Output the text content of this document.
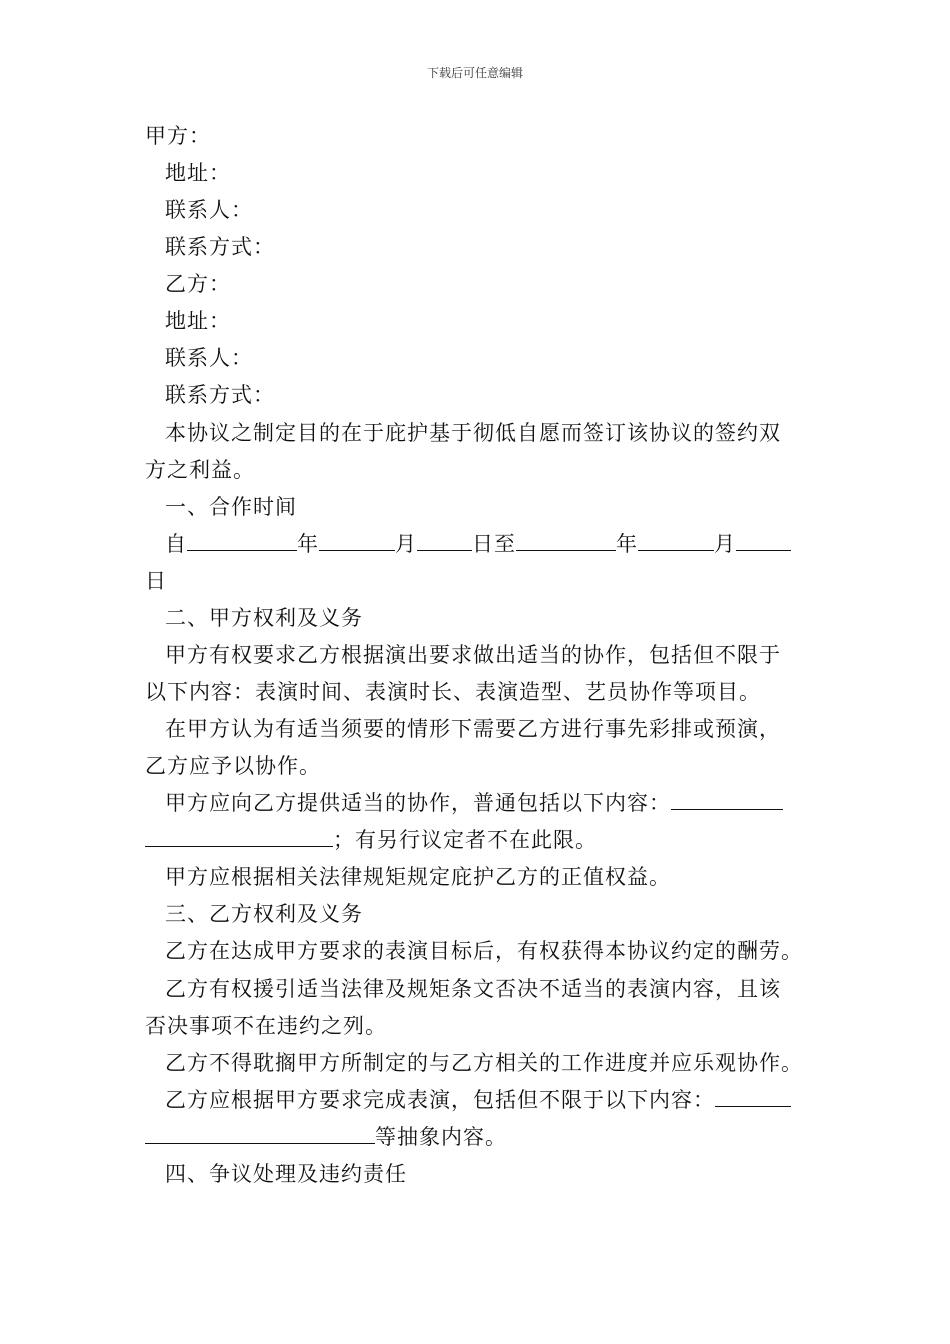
下载后可任意编辑
甲方：
地址：
联系人：
联系方式：
乙方：
地址：
联系人：
联系方式：
本协议之制定目的在于庇护基于彻低自愿而签订该协议的签约双
方之利益。
一、合作时间
自	年	月	日至	年	月
日
二、甲方权利及义务
甲方有权要求乙方根据演出要求做出适当的协作，包括但不限于
以下内容：表演时间、表演时长、表演造型、艺员协作等项目。
在甲方认为有适当须要的情形下需要乙方进行事先彩排或预演，
乙方应予以协作。
甲方应向乙方提供适当的协作，普通包括以下内容：
；有另行议定者不在此限。
甲方应根据相关法律规矩规定庇护乙方的正值权益。
三、乙方权利及义务
乙方在达成甲方要求的表演目标后，有权获得本协议约定的酬劳。
乙方有权援引适当法律及规矩条文否决不适当的表演内容，且该
否决事项不在违约之列。
乙方不得耽搁甲方所制定的与乙方相关的工作进度并应乐观协作。
乙方应根据甲方要求完成表演，包括但不限于以下内容：
等抽象内容。
四、争议处理及违约责任
